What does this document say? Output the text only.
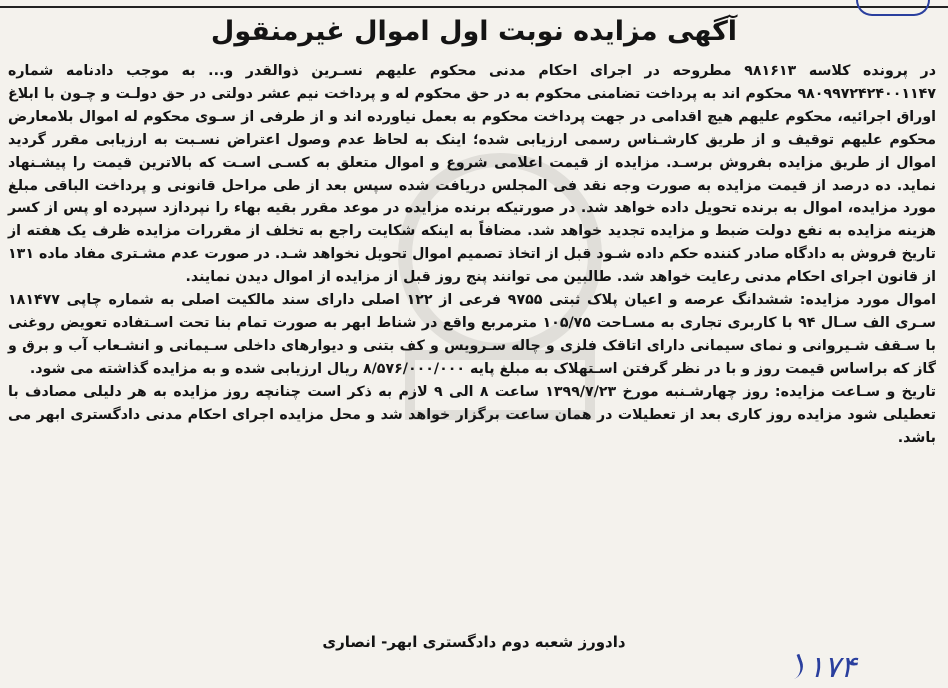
آگهی مزایده نوبت اول اموال غیرمنقول

در پرونده کلاسه ۹۸۱۶۱۳ مطروحه در اجرای احکام مدنی محکوم علیهم نسـرین ذوالقدر و... به موجب دادنامه شماره ۹۸۰۹۹۷۲۴۲۴۰۰۱۱۴۷ محکوم اند به پرداخت تضامنی محکوم به در حق محکوم له و پرداخت نیم عشر دولتی در حق دولـت و چـون با ابلاغ اوراق اجرائیه، محکوم علیهم هیچ اقدامی در جهت پرداخت محکوم به بعمل نیاورده اند و از طرفی از سـوی محکوم له اموال بلامعارض محکوم علیهم توقیف و از طریق کارشـناس رسمی ارزیابی شده؛ اینک به لحاظ عدم وصول اعتراض نسـبت به ارزیابی مقرر گردید اموال از طریق مزایده بفروش برسـد. مزایده از قیمت اعلامی شروع و اموال متعلق به کسـی اسـت که بالاترین قیمت را پیشـنهاد نماید. ده درصد از قیمت مزایده به صورت وجه نقد فی المجلس دریافت شده سپس بعد از طی مراحل قانونی و پرداخت الباقی مبلغ مورد مزایده، اموال به برنده تحویل داده خواهد شد. در صورتیکه برنده مزایده در موعد مقرر بقیه بهاء را نپردازد سپرده او پس از کسر هزینه مزایده به نفع دولت ضبط و مزایده تجدید خواهد شد. مضافاً به اینکه شکایت راجع به تخلف از مقررات مزایده ظرف یک هفته از تاریخ فروش به دادگاه صادر کننده حکم داده شـود قبل از اتخاذ تصمیم اموال تحویل نخواهد شـد. در صورت عدم مشـتری مفاد ماده ۱۳۱ از قانون اجرای احکام مدنی رعایت خواهد شد. طالبین می توانند پنج روز قبل از مزایده از اموال دیدن نمایند.

اموال مورد مزایده: ششدانگ عرصه و اعیان پلاک ثبتی ۹۷۵۵ فرعی از ۱۲۲ اصلی دارای سند مالکیت اصلی به شماره چاپی ۱۸۱۴۷۷ سـری الف سـال ۹۴ با کاربری تجاری به مسـاحت ۱۰۵/۷۵ مترمربع واقع در شناط ابهر به صورت تمام بنا تحت اسـتفاده تعویض روغنی با سـقف شـیروانی و نمای سیمانی دارای اتاقک فلزی و چاله سـرویس و کف بتنی و دیوارهای داخلی سـیمانی و انشـعاب آب و برق و گاز که براساس قیمت روز و با در نظر گرفتن اسـتهلاک به مبلغ پایه ۸/۵۷۶/۰۰۰/۰۰۰ ریال ارزیابی شده و به مزایده گذاشته می شود.

تاریخ و سـاعت مزایده: روز چهارشـنبه مورخ ۱۳۹۹/۷/۲۳ ساعت ۸ الی ۹ لازم به ذکر است چنانچه روز مزایده به هر دلیلی مصادف با تعطیلی شود مزایده روز کاری بعد از تعطیلات در همان ساعت برگزار خواهد شد و محل مزایده اجرای احکام مدنی دادگستری ابهر می باشد.

دادورز شعبه دوم دادگستری ابهر- انصاری
۱۷۴
